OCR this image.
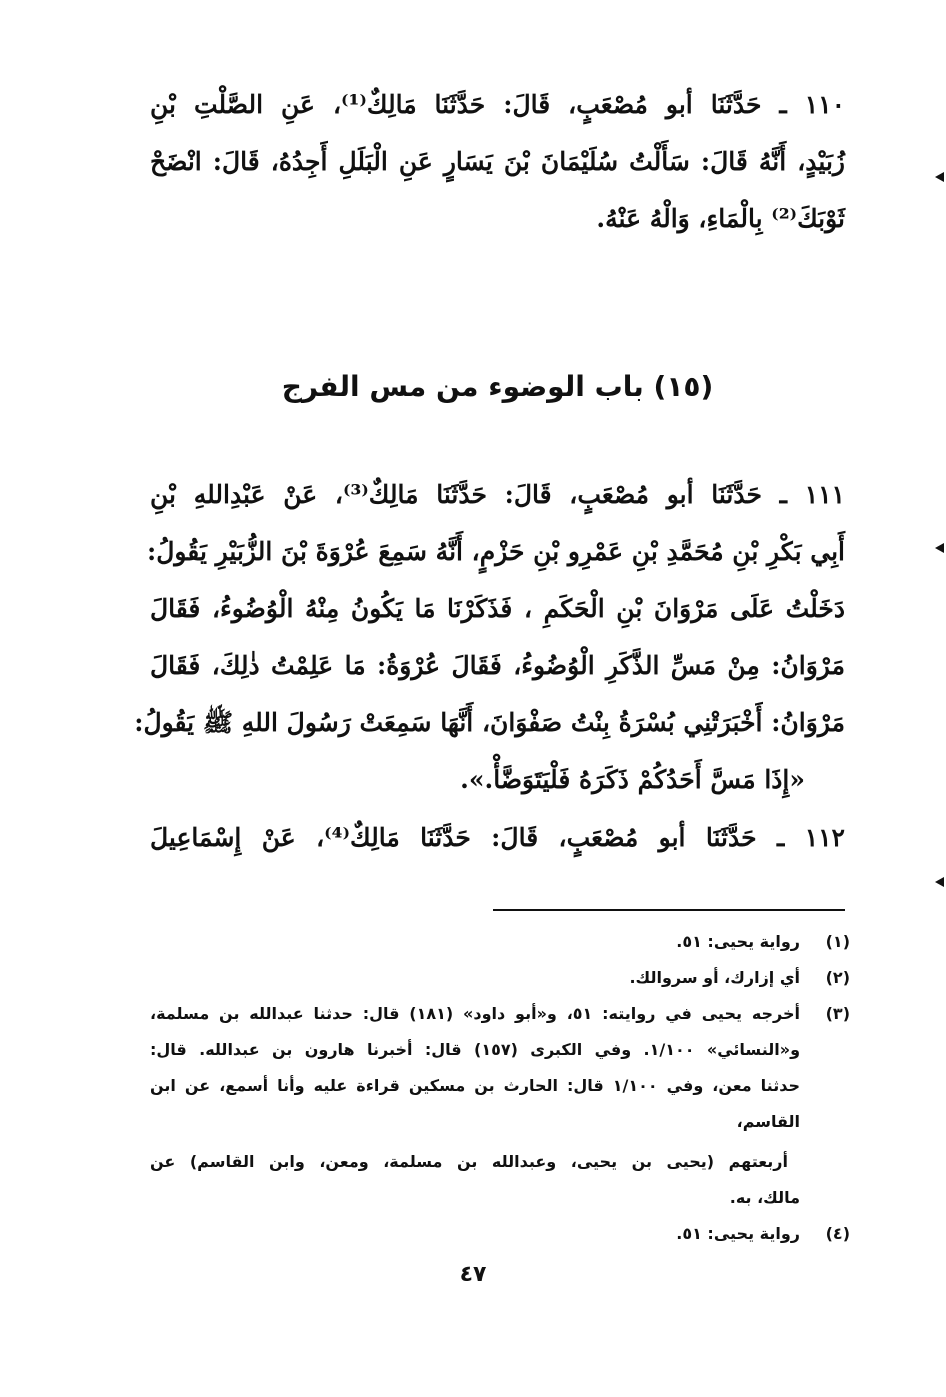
١١٠ ـ حَدَّثَنَا أبو مُصْعَبٍ، قَالَ: حَدَّثَنَا مَالِكٌ⁽¹⁾، عَنِ الصَّلْتِ بْنِ
زُبَيْدٍ، أَنَّهُ قَالَ: سَأَلْتُ سُلَيْمَانَ بْنَ يَسَارٍ عَنِ الْبَلَلِ أَجِدُهُ، قَالَ: انْضَحْ
ثَوْبَكَ⁽²⁾ بِالْمَاءِ، وَالْهُ عَنْهُ.
(١٥) باب الوضوء من مس الفرج
١١١ ـ حَدَّثَنَا أبو مُصْعَبٍ، قَالَ: حَدَّثَنَا مَالِكٌ⁽³⁾، عَنْ عَبْدِاللهِ بْنِ
أَبِي بَكْرِ بْنِ مُحَمَّدِ بْنِ عَمْرِو بْنِ حَزْمٍ، أَنَّهُ سَمِعَ عُرْوَةَ بْنَ الزُّبَيْرِ يَقُولُ:
دَخَلْتُ عَلَى مَرْوَانَ بْنِ الْحَكَمِ ، فَذَكَرْنَا مَا يَكُونُ مِنْهُ الْوُضُوءُ، فَقَالَ
مَرْوَانُ: مِنْ مَسِّ الذَّكَرِ الْوُضُوءُ، فَقَالَ عُرْوَةُ: مَا عَلِمْتُ ذٰلِكَ، فَقَالَ
مَرْوَانُ: أَخْبَرَتْنِي بُسْرَةُ بِنْتُ صَفْوَانَ، أَنَّهَا سَمِعَتْ رَسُولَ اللهِ ﷺ يَقُولُ:
«إِذَا مَسَّ أَحَدُكُمْ ذَكَرَهُ فَلْيَتَوَضَّأْ.».
١١٢ ـ حَدَّثَنَا أبو مُصْعَبٍ، قَالَ: حَدَّثَنَا مَالِكٌ⁽⁴⁾، عَنْ إِسْمَاعِيلَ
(١)
رواية يحيى: ٥١.
(٢)
أي إزارك، أو سروالك.
(٣)
أخرجه يحيى في روايته: ٥١، و«أبو داود» (١٨١) قال: حدثنا عبدالله بن مسلمة،
و«النسائي» ١/١٠٠. وفي الكبرى (١٥٧) قال: أخبرنا هارون بن عبدالله. قال:
حدثنا معن، وفي ١/١٠٠ قال: الحارث بن مسكين قراءة عليه وأنا أسمع، عن ابن
القاسم،
أربعتهم (يحيى بن يحيى، وعبدالله بن مسلمة، ومعن، وابن القاسم) عن
مالك، به.
(٤)
رواية يحيى: ٥١.
٤٧
